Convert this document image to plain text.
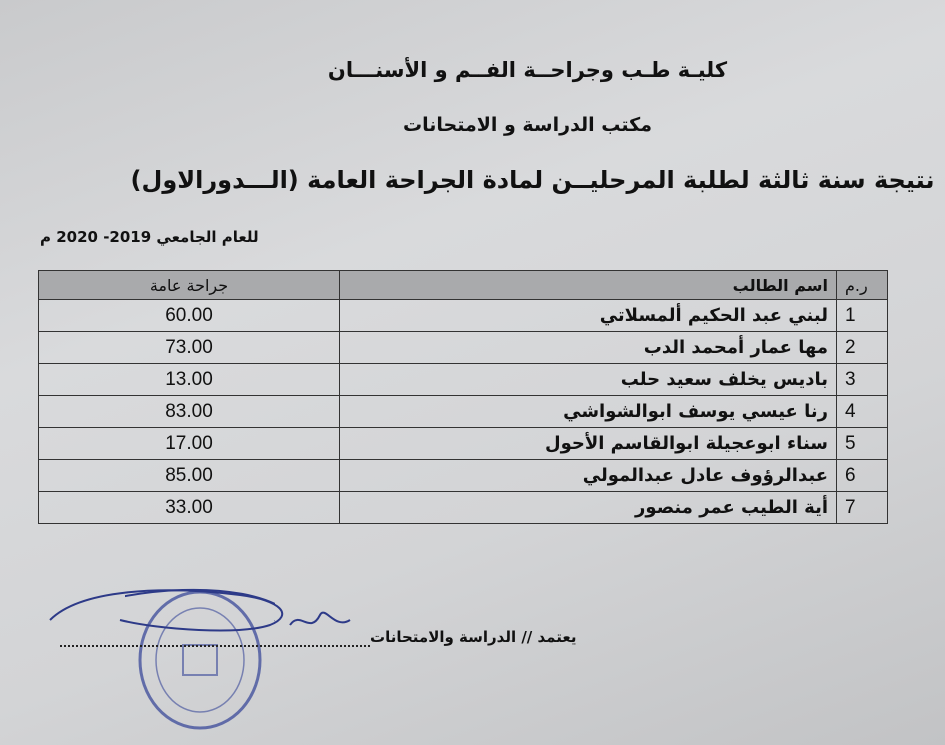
كليـة طـب وجراحــة الفــم و الأسنـــان
مكتب الدراسة و الامتحانات
نتيجة سنة ثالثة لطلبة المرحليــن لمادة الجراحة العامة (الـــدورالاول)
للعام الجامعي 2019- 2020 م
ر.م	اسم الطالب	جراحة عامة
1	لبني عبد الحكيم ألمسلاتي	60.00
2	مها عمار أمحمد الدب	73.00
3	باديس يخلف سعيد حلب	13.00
4	رنا عيسي يوسف ابوالشواشي	83.00
5	سناء ابوعجيلة ابوالقاسم الأحول	17.00
6	عبدالرؤوف عادل عبدالمولي	85.00
7	أية الطيب عمر منصور	33.00
يعتمد // الدراسة والامتحانات
